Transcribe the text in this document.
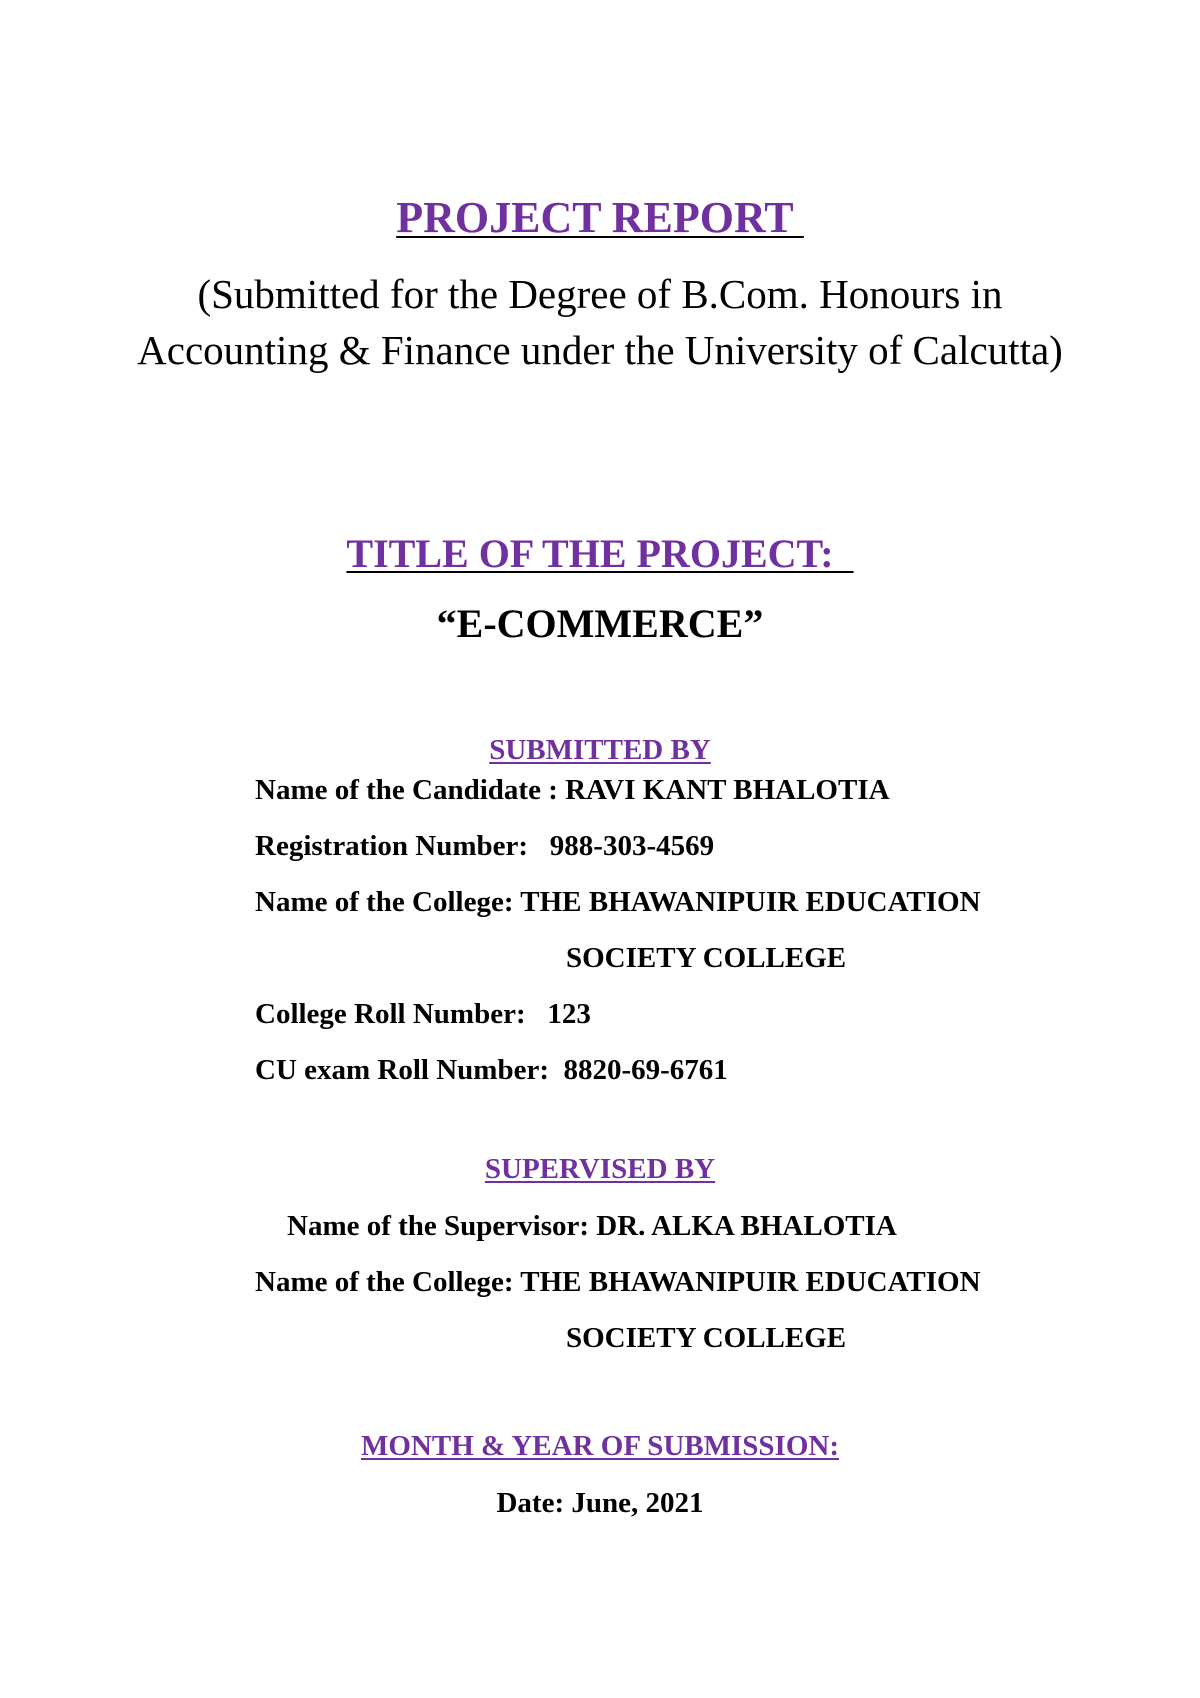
PROJECT REPORT
(Submitted for the Degree of B.Com. Honours in Accounting & Finance under the University of Calcutta)
TITLE OF THE PROJECT:
“E-COMMERCE”
SUBMITTED BY
Name of the Candidate : RAVI KANT BHALOTIA
Registration Number:   988-303-4569
Name of the College: THE BHAWANIPUIR EDUCATION
SOCIETY COLLEGE
College Roll Number:   123
CU exam Roll Number:  8820-69-6761
SUPERVISED BY
Name of the Supervisor: DR. ALKA BHALOTIA
Name of the College: THE BHAWANIPUIR EDUCATION
SOCIETY COLLEGE
MONTH & YEAR OF SUBMISSION:
Date: June, 2021
